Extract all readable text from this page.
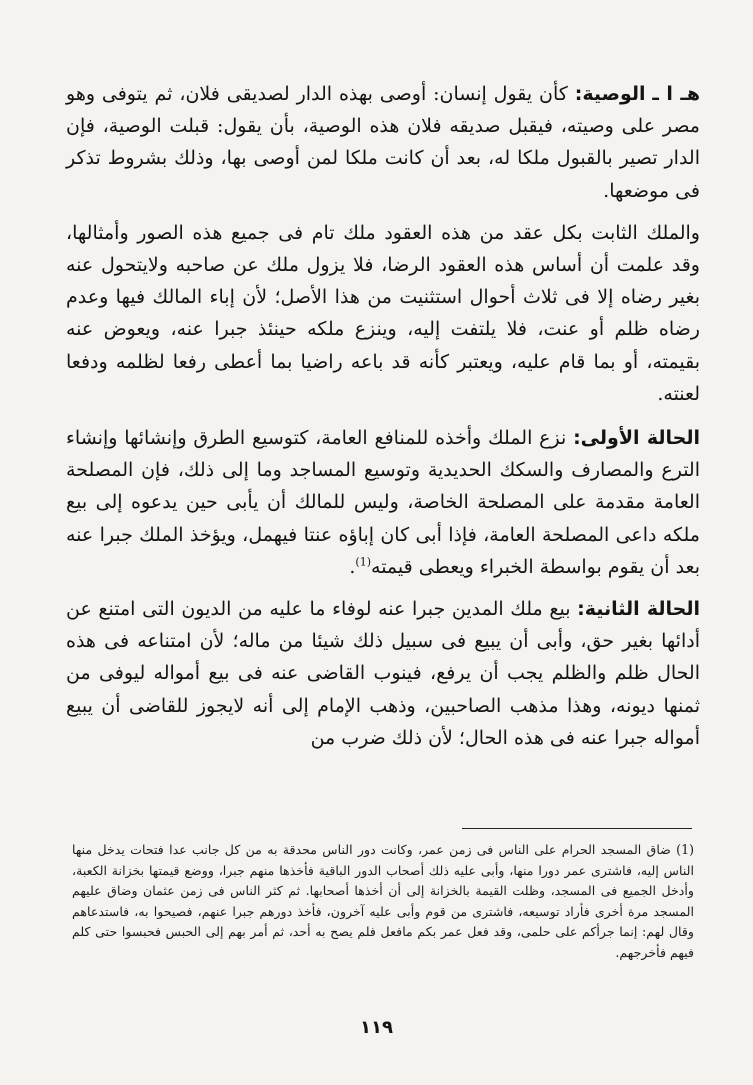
هـ ا ـ الوصية: كأن يقول إنسان: أوصى بهذه الدار لصديقى فلان، ثم يتوفى وهو مصر على وصيته، فيقبل صديقه فلان هذه الوصية، بأن يقول: قبلت الوصية، فإن الدار تصير بالقبول ملكا له، بعد أن كانت ملكا لمن أوصى بها، وذلك بشروط تذكر فى موضعها.

والملك الثابت بكل عقد من هذه العقود ملك تام فى جميع هذه الصور وأمثالها، وقد علمت أن أساس هذه العقود الرضا، فلا يزول ملك عن صاحبه ولايتحول عنه بغير رضاه إلا فى ثلاث أحوال استثنيت من هذا الأصل؛ لأن إباء المالك فيها وعدم رضاه ظلم أو عنت، فلا يلتفت إليه، وينزع ملكه حينئذ جبرا عنه، ويعوض عنه بقيمته، أو بما قام عليه، ويعتبر كأنه قد باعه راضيا بما أعطى رفعا لظلمه ودفعا لعنته.

الحالة الأولى: نزع الملك وأخذه للمنافع العامة، كتوسيع الطرق وإنشائها وإنشاء الترع والمصارف والسكك الحديدية وتوسيع المساجد وما إلى ذلك، فإن المصلحة العامة مقدمة على المصلحة الخاصة، وليس للمالك أن يأبى حين يدعوه إلى بيع ملكه داعى المصلحة العامة، فإذا أبى كان إباؤه عنتا فيهمل، ويؤخذ الملك جبرا عنه بعد أن يقوم بواسطة الخبراء ويعطى قيمته$^{(1)}$.

الحالة الثانية: بيع ملك المدين جبرا عنه لوفاء ما عليه من الديون التى امتنع عن أدائها بغير حق، وأبى أن يبيع فى سبيل ذلك شيئا من ماله؛ لأن امتناعه فى هذه الحال ظلم والظلم يجب أن يرفع، فينوب القاضى عنه فى بيع أمواله ليوفى من ثمنها ديونه، وهذا مذهب الصاحبين، وذهب الإمام إلى أنه لايجوز للقاضى أن يبيع أمواله جبرا عنه فى هذه الحال؛ لأن ذلك ضرب من

(1) ضاق المسجد الحرام على الناس فى زمن عمر، وكانت دور الناس محدقة به من كل جانب عدا فتحات يدخل منها الناس إليه، فاشترى عمر دورا منها، وأبى عليه ذلك أصحاب الدور الباقية فأخذها منهم جبرا، ووضع قيمتها بخزانة الكعبة، وأدخل الجميع فى المسجد، وظلت القيمة بالخزانة إلى أن أخذها أصحابها. ثم كثر الناس فى زمن عثمان وضاق عليهم المسجد مرة أخرى فأراد توسيعه، فاشترى من قوم وأبى عليه آخرون، فأخذ دورهم جبرا عنهم، فصيحوا به، فاستدعاهم وقال لهم: إنما جرأكم على حلمى، وقد فعل عمر بكم مافعل فلم يصح به أحد، ثم أمر بهم إلى الحبس فحبسوا حتى كلم فيهم فأخرجهم.
١١٩
